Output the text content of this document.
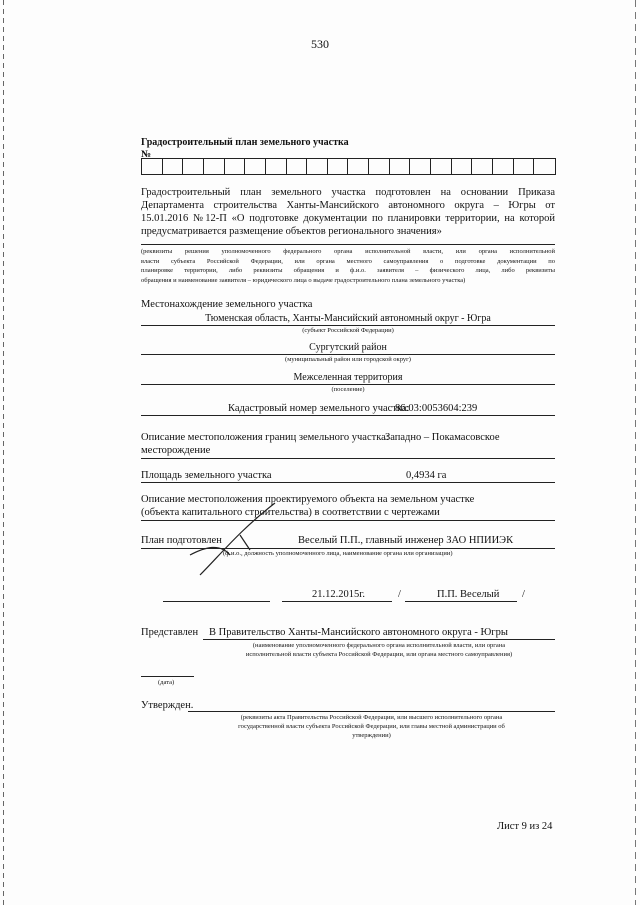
530
Градостроительный план земельного участка
№
Градостроительный план земельного участка подготовлен на основании Приказа
Департамента строительства Ханты-Мансийского автономного округа – Югры от
15.01.2016 №12-П «О подготовке документации по планировки территории, на которой
предусматривается размещение объектов регионального значения»
(реквизиты решения уполномоченного федерального органа исполнительной власти, или органа исполнительной
власти субъекта Российской Федерации, или органа местного самоуправления о подготовке документации по
планировке территории, либо реквизиты обращения и ф.и.о. заявителя – физического лица, либо реквизиты
обращения и наименование заявителя – юридического лица о выдаче градостроительного плана земельного участка)
Местонахождение земельного участка
Тюменская область, Ханты-Мансийский автономный округ - Югра
(субъект Российской Федерации)
Сургутский район
(муниципальный район или городской округ)
Межселенная территория
(поселение)
Кадастровый номер земельного участка:
86:03:0053604:239
Описание местоположения границ земельного участка:
Западно – Покамасовское
месторождение
Площадь земельного участка	0,4934 га
Описание местоположения проектируемого объекта на земельном участке
(объекта капитального строительства) в соответствии с чертежами
План подготовлен	Веселый П.П., главный инженер ЗАО НПИИЭК
(ф.и.о., должность уполномоченного лица, наименование органа или организации)
21.12.2015г.	/	П.П. Веселый /
Представлен В Правительство Ханты-Мансийского автономного округа - Югры
(наименование уполномоченного федерального органа исполнительной власти, или органа
исполнительной власти субъекта Российской Федерации, или органа местного самоуправления)
(дата)
Утвержден.
(реквизиты акта Правительства Российской Федерации, или высшего исполнительного органа
государственной власти субъекта Российской Федерации, или главы местной администрации об
утверждении)
Лист 9 из 24
